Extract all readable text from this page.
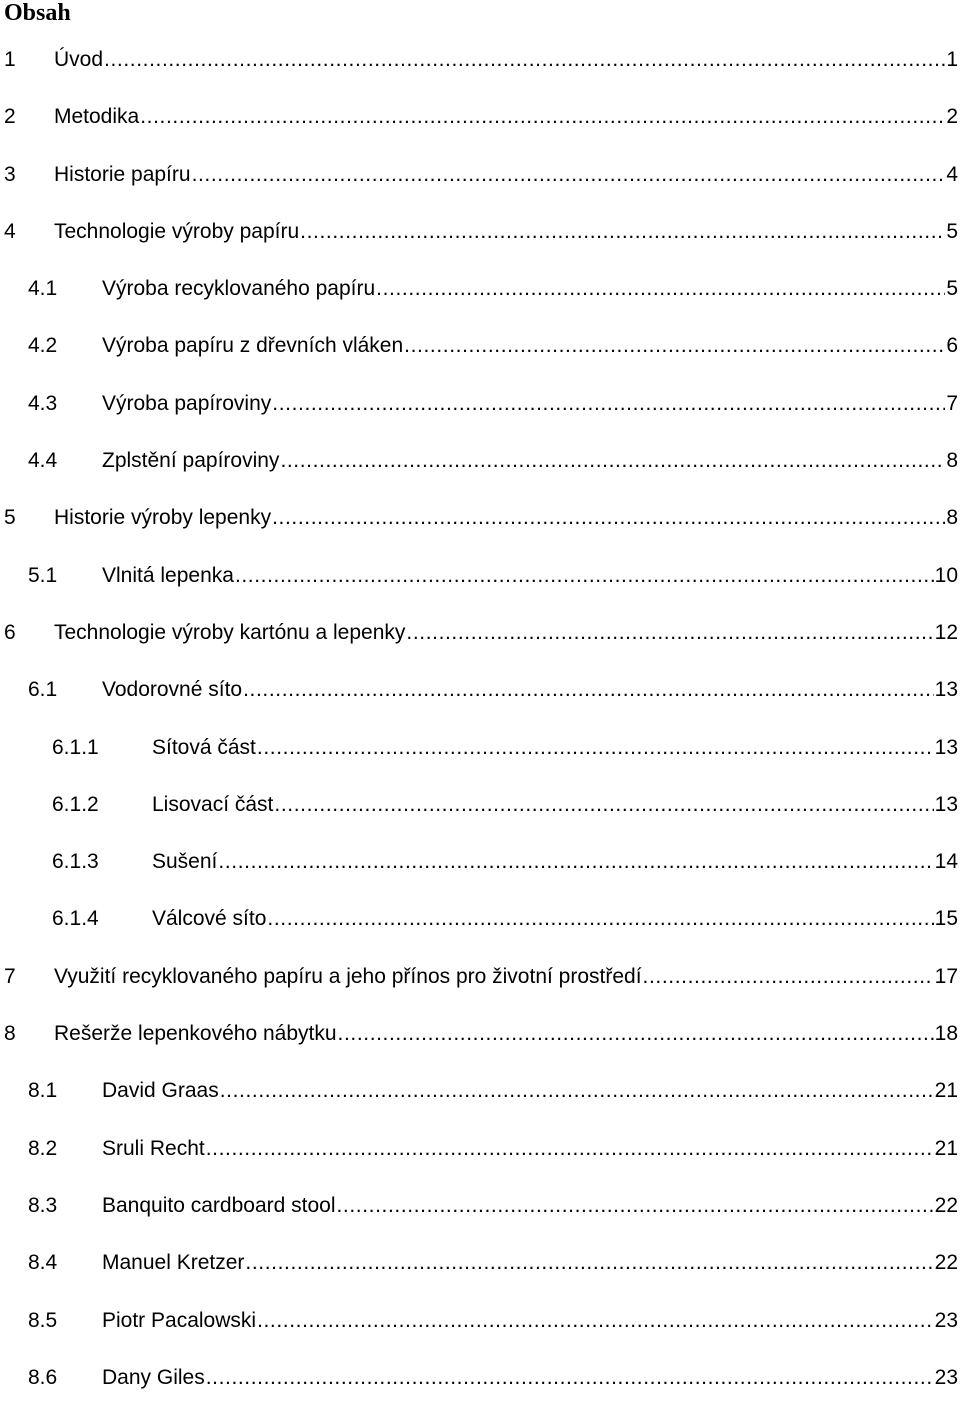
Obsah
1 Úvod .....	1
2 Metodika .....	2
3 Historie papíru .....	4
4 Technologie výroby papíru .....	5
4.1 Výroba recyklovaného papíru .....	5
4.2 Výroba papíru z dřevních vláken .....	6
4.3 Výroba papíroviny .....	7
4.4 Zplstění papíroviny .....	8
5 Historie výroby lepenky .....	8
5.1 Vlnitá lepenka .....	10
6 Technologie výroby kartónu a lepenky .....	12
6.1 Vodorovné síto .....	13
6.1.1	Sítová část .....	13
6.1.2	Lisovací část .....	13
6.1.3	Sušení .....	14
6.1.4	Válcové síto .....	15
7 Využití recyklovaného papíru a jeho přínos pro životní prostředí .....	17
8 Rešerže lepenkového nábytku .....	18
8.1 David Graas .....	21
8.2 Sruli Recht .....	21
8.3 Banquito cardboard stool .....	22
8.4 Manuel Kretzer .....	22
8.5 Piotr Pacalowski .....	23
8.6 Dany Giles .....	23
